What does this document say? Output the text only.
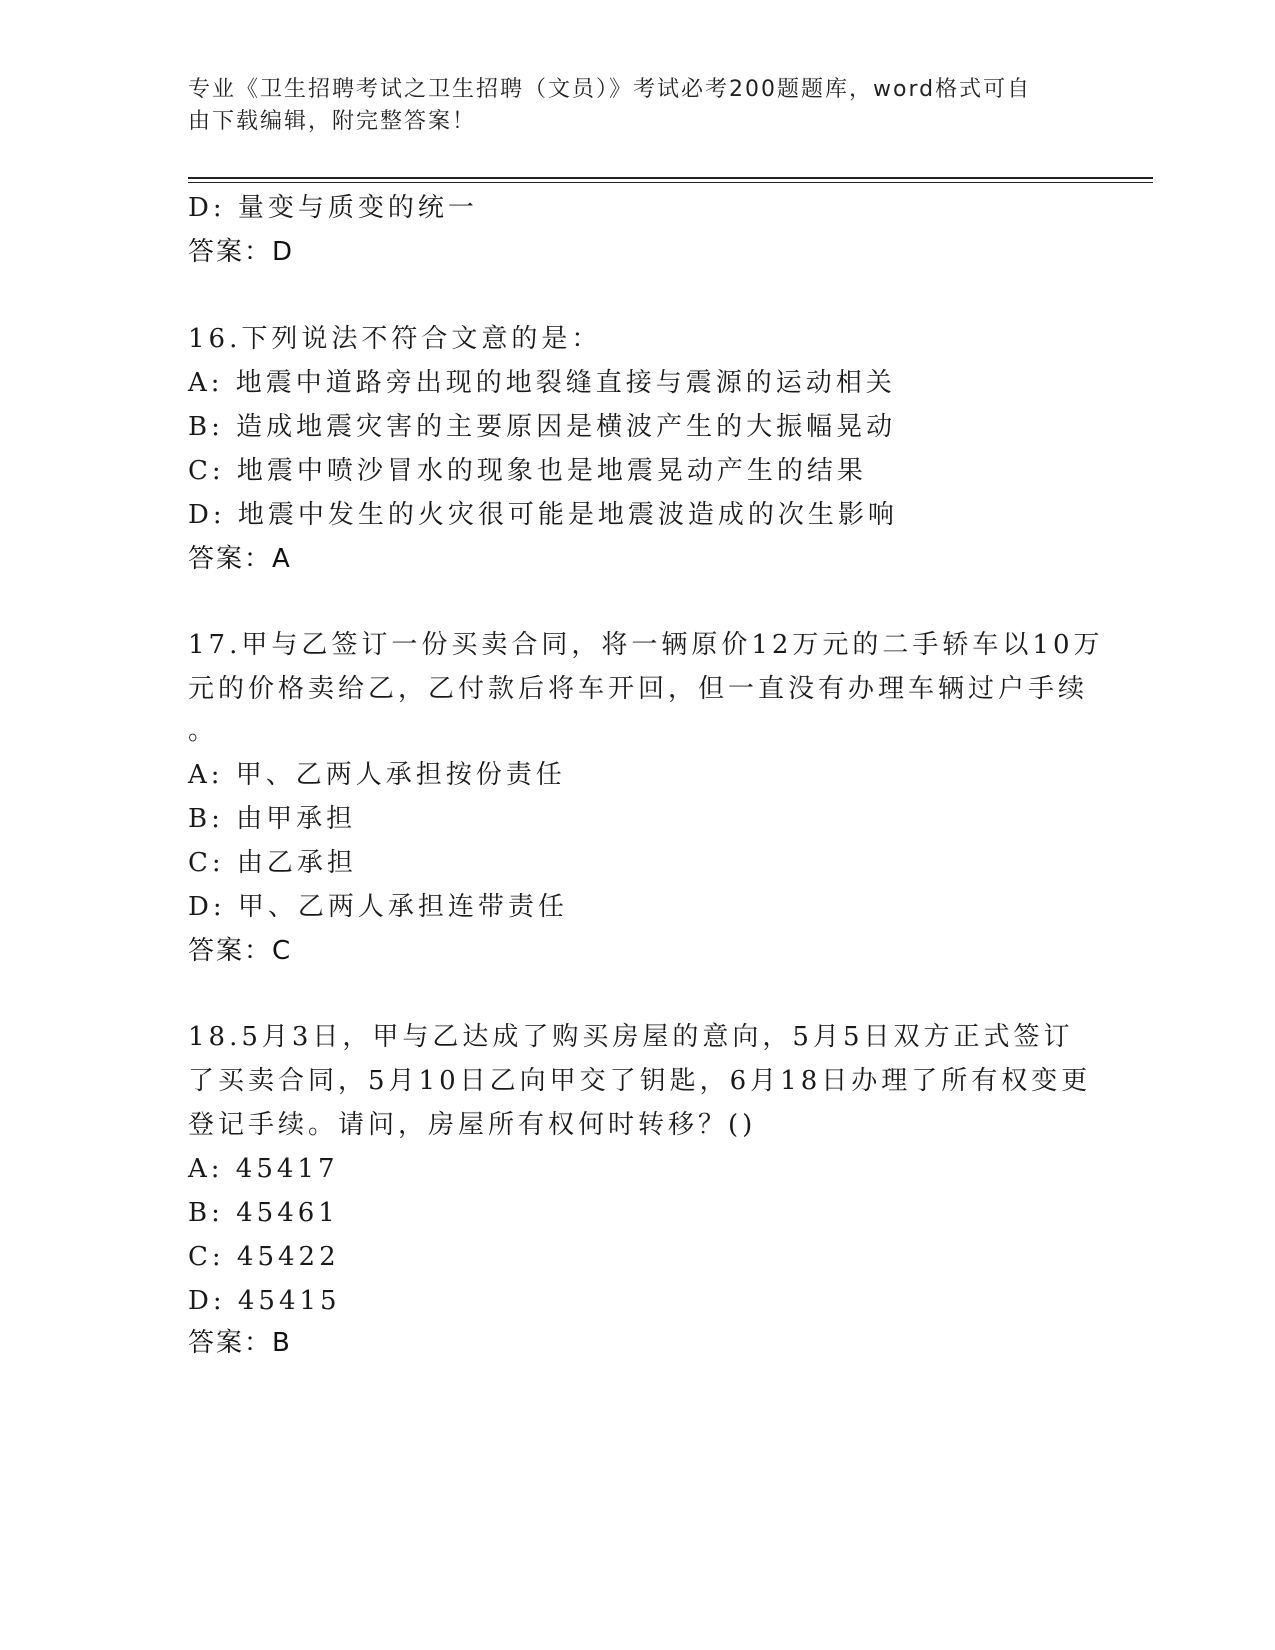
专业《卫生招聘考试之卫生招聘（文员）》考试必考200题题库，word格式可自
由下载编辑，附完整答案！
D: 量变与质变的统一
答案：D
16.下列说法不符合文意的是：
A: 地震中道路旁出现的地裂缝直接与震源的运动相关
B: 造成地震灾害的主要原因是横波产生的大振幅晃动
C: 地震中喷沙冒水的现象也是地震晃动产生的结果
D: 地震中发生的火灾很可能是地震波造成的次生影响
答案：A
17.甲与乙签订一份买卖合同，将一辆原价12万元的二手轿车以10万
元的价格卖给乙，乙付款后将车开回，但一直没有办理车辆过户手续
。
A: 甲、乙两人承担按份责任
B: 由甲承担
C: 由乙承担
D: 甲、乙两人承担连带责任
答案：C
18.5月3日，甲与乙达成了购买房屋的意向，5月5日双方正式签订
了买卖合同，5月10日乙向甲交了钥匙，6月18日办理了所有权变更
登记手续。请问，房屋所有权何时转移？()
A: 45417
B: 45461
C: 45422
D: 45415
答案：B
